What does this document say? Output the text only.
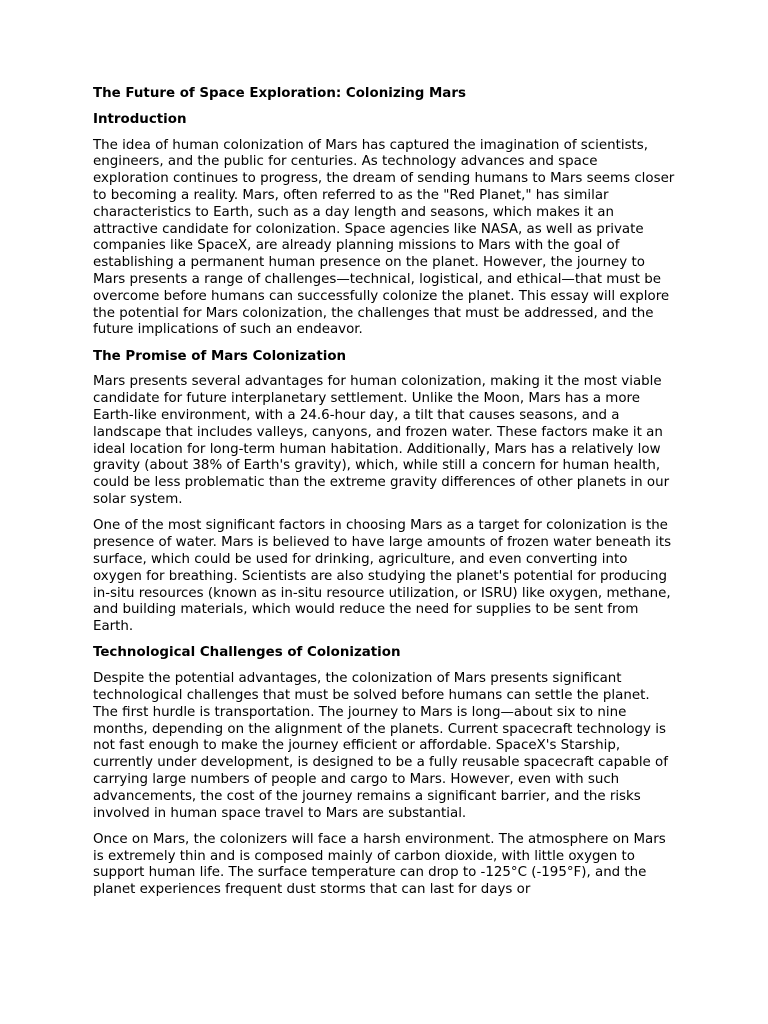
The Future of Space Exploration: Colonizing Mars
Introduction

The idea of human colonization of Mars has captured the imagination of scientists, engineers, and the public for centuries. As technology advances and space exploration continues to progress, the dream of sending humans to Mars seems closer to becoming a reality. Mars, often referred to as the "Red Planet," has similar characteristics to Earth, such as a day length and seasons, which makes it an attractive candidate for colonization. Space agencies like NASA, as well as private companies like SpaceX, are already planning missions to Mars with the goal of establishing a permanent human presence on the planet. However, the journey to Mars presents a range of challenges—technical, logistical, and ethical—that must be overcome before humans can successfully colonize the planet. This essay will explore the potential for Mars colonization, the challenges that must be addressed, and the future implications of such an endeavor.

The Promise of Mars Colonization

Mars presents several advantages for human colonization, making it the most viable candidate for future interplanetary settlement. Unlike the Moon, Mars has a more Earth-like environment, with a 24.6-hour day, a tilt that causes seasons, and a landscape that includes valleys, canyons, and frozen water. These factors make it an ideal location for long-term human habitation. Additionally, Mars has a relatively low gravity (about 38% of Earth's gravity), which, while still a concern for human health, could be less problematic than the extreme gravity differences of other planets in our solar system.

One of the most significant factors in choosing Mars as a target for colonization is the presence of water. Mars is believed to have large amounts of frozen water beneath its surface, which could be used for drinking, agriculture, and even converting into oxygen for breathing. Scientists are also studying the planet's potential for producing in-situ resources (known as in-situ resource utilization, or ISRU) like oxygen, methane, and building materials, which would reduce the need for supplies to be sent from Earth.

Technological Challenges of Colonization

Despite the potential advantages, the colonization of Mars presents significant technological challenges that must be solved before humans can settle the planet. The first hurdle is transportation. The journey to Mars is long—about six to nine months, depending on the alignment of the planets. Current spacecraft technology is not fast enough to make the journey efficient or affordable. SpaceX's Starship, currently under development, is designed to be a fully reusable spacecraft capable of carrying large numbers of people and cargo to Mars. However, even with such advancements, the cost of the journey remains a significant barrier, and the risks involved in human space travel to Mars are substantial.

Once on Mars, the colonizers will face a harsh environment. The atmosphere on Mars is extremely thin and is composed mainly of carbon dioxide, with little oxygen to support human life. The surface temperature can drop to -125°C (-195°F), and the planet experiences frequent dust storms that can last for days or
